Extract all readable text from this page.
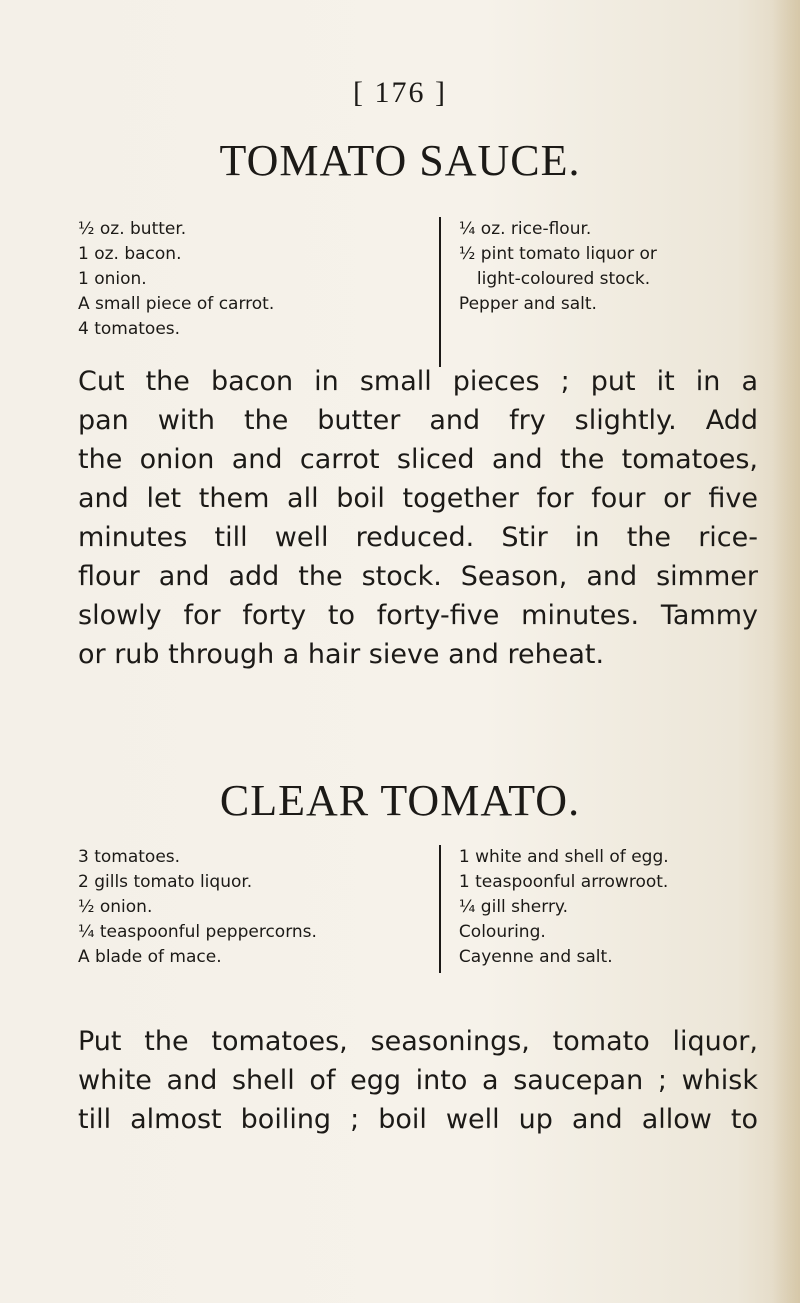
[ 176 ]
TOMATO SAUCE.
½ oz. butter.
1 oz. bacon.
1 onion.
A small piece of carrot.
4 tomatoes.
¼ oz. rice-flour.
½ pint tomato liquor or
light-coloured stock.
Pepper and salt.

Cut the bacon in small pieces ; put it in a
pan with the butter and fry slightly. Add
the onion and carrot sliced and the tomatoes,
and let them all boil together for four or five
minutes till well reduced. Stir in the rice-
flour and add the stock. Season, and simmer
slowly for forty to forty-five minutes. Tammy
or rub through a hair sieve and reheat.

CLEAR TOMATO.
3 tomatoes.
2 gills tomato liquor.
½ onion.
¼ teaspoonful peppercorns.
A blade of mace.
1 white and shell of egg.
1 teaspoonful arrowroot.
¼ gill sherry.
Colouring.
Cayenne and salt.

Put the tomatoes, seasonings, tomato liquor,
white and shell of egg into a saucepan ; whisk
till almost boiling ; boil well up and allow to
